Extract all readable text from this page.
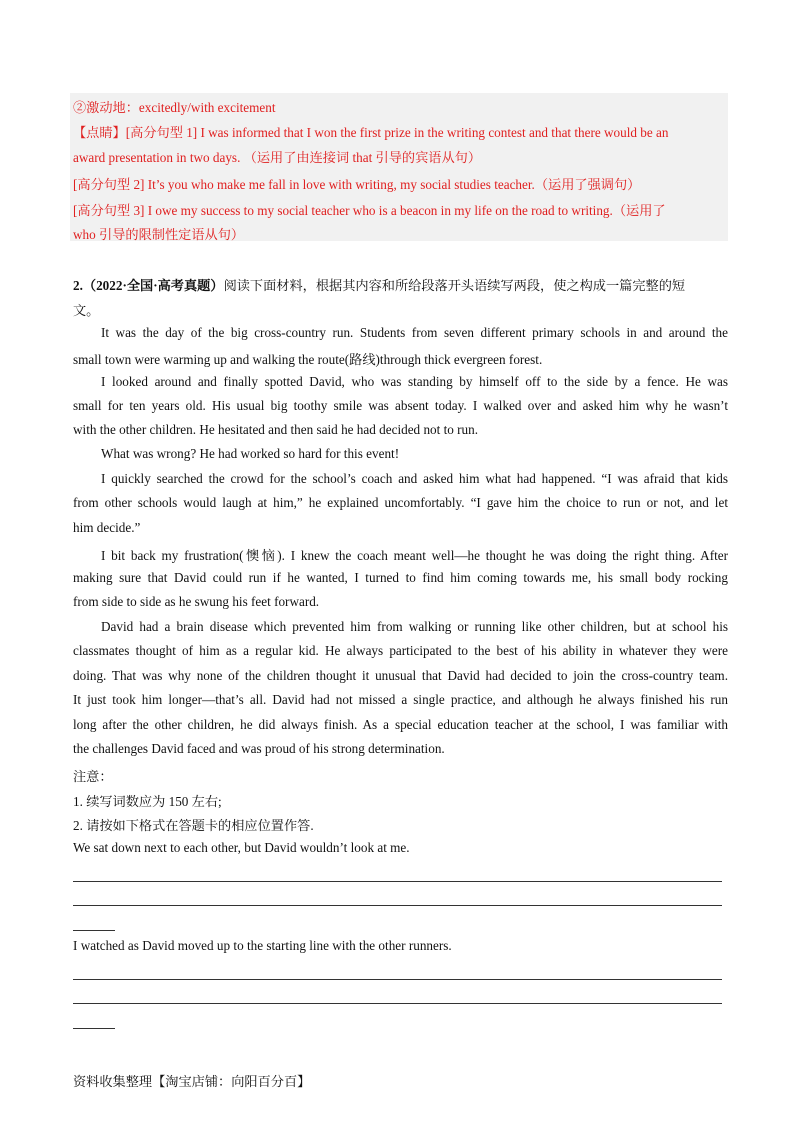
②激动地：excitedly/with excitement
【点睛】[高分句型 1] I was informed that I won the first prize in the writing contest and that there would be an
award presentation in two days. （运用了由连接词 that 引导的宾语从句）
[高分句型 2] It’s you who make me fall in love with writing, my social studies teacher.（运用了强调句）
[高分句型 3] I owe my success to my social teacher who is a beacon in my life on the road to writing.（运用了
who 引导的限制性定语从句）
2.（2022·全国·高考真题）阅读下面材料，根据其内容和所给段落开头语续写两段，使之构成一篇完整的短
文。
It was the day of the big cross-country run. Students from seven different primary schools in and around the
small town were warming up and walking the route(路线)through thick evergreen forest.
I looked around and finally spotted David, who was standing by himself off to the side by a fence. He was
small for ten years old. His usual big toothy smile was absent today. I walked over and asked him why he wasn’t
with the other children. He hesitated and then said he had decided not to run.
What was wrong? He had worked so hard for this event!
I quickly searched the crowd for the school’s coach and asked him what had happened. “I was afraid that kids
from other schools would laugh at him,” he explained uncomfortably. “I gave him the choice to run or not, and let
him decide.”
I bit back my frustration(懊恼). I knew the coach meant well—he thought he was doing the right thing. After
making sure that David could run if he wanted, I turned to find him coming towards me, his small body rocking
from side to side as he swung his feet forward.
David had a brain disease which prevented him from walking or running like other children, but at school his
classmates thought of him as a regular kid. He always participated to the best of his ability in whatever they were
doing. That was why none of the children thought it unusual that David had decided to join the cross-country team.
It just took him longer—that’s all. David had not missed a single practice, and although he always finished his run
long after the other children, he did always finish. As a special education teacher at the school, I was familiar with
the challenges David faced and was proud of his strong determination.
注意：
1. 续写词数应为 150 左右;
2. 请按如下格式在答题卡的相应位置作答.
We sat down next to each other, but David wouldn’t look at me.
I watched as David moved up to the starting line with the other runners.
资料收集整理【淘宝店铺：向阳百分百】
